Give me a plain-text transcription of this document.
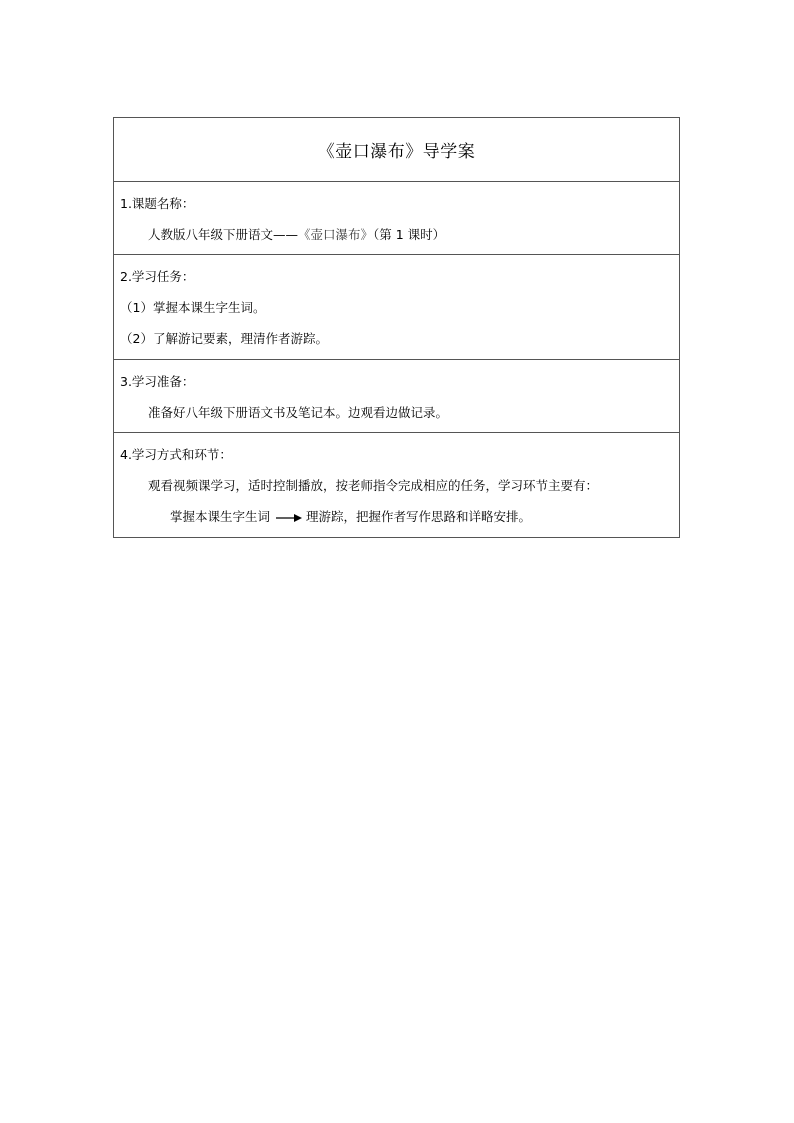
《壶口瀑布》导学案
1.课题名称：
人教版八年级下册语文——《壶口瀑布》（第 1 课时）
2.学习任务：
（1）掌握本课生字生词。
（2）了解游记要素，理清作者游踪。
3.学习准备：
准备好八年级下册语文书及笔记本。边观看边做记录。
4.学习方式和环节：
观看视频课学习，适时控制播放，按老师指令完成相应的任务，学习环节主要有：
掌握本课生字生词	理游踪，把握作者写作思路和详略安排。
